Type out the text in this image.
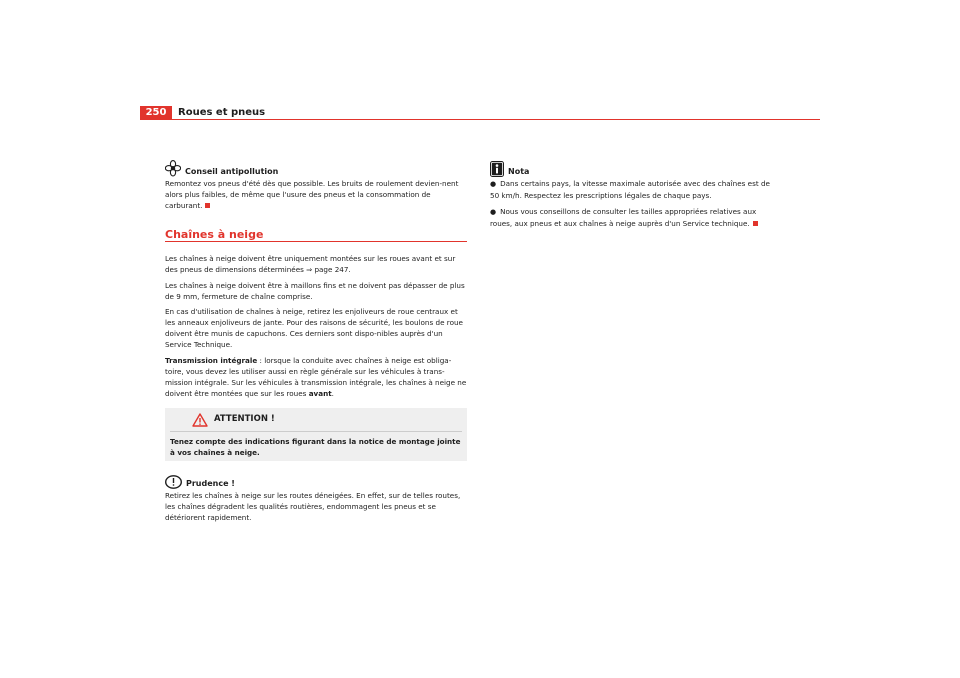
250	Roues et pneus
Conseil antipollution

Remontez vos pneus d'été dès que possible. Les bruits de roulement devien-nent alors plus faibles, de même que l'usure des pneus et la consommation de carburant.

Chaînes à neige

Les chaînes à neige doivent être uniquement montées sur les roues avant et sur des pneus de dimensions déterminées ⇒ page 247.

Les chaînes à neige doivent être à maillons fins et ne doivent pas dépasser de plus de 9 mm, fermeture de chaîne comprise.

En cas d'utilisation de chaînes à neige, retirez les enjoliveurs de roue centraux et les anneaux enjoliveurs de jante. Pour des raisons de sécurité, les boulons de roue doivent être munis de capuchons. Ces derniers sont dispo-nibles auprès d'un Service Technique.

Transmission intégrale : lorsque la conduite avec chaînes à neige est obliga-toire, vous devez les utiliser aussi en règle générale sur les véhicules à trans-mission intégrale. Sur les véhicules à transmission intégrale, les chaînes à neige ne doivent être montées que sur les roues avant.

ATTENTION !
Tenez compte des indications figurant dans la notice de montage jointe à vos chaînes à neige.
Prudence !

Retirez les chaînes à neige sur les routes déneigées. En effet, sur de telles routes, les chaînes dégradent les qualités routières, endommagent les pneus et se détériorent rapidement.

Nota

● Dans certains pays, la vitesse maximale autorisée avec des chaînes est de 50 km/h. Respectez les prescriptions légales de chaque pays.

● Nous vous conseillons de consulter les tailles appropriées relatives aux roues, aux pneus et aux chaînes à neige auprès d'un Service technique.
